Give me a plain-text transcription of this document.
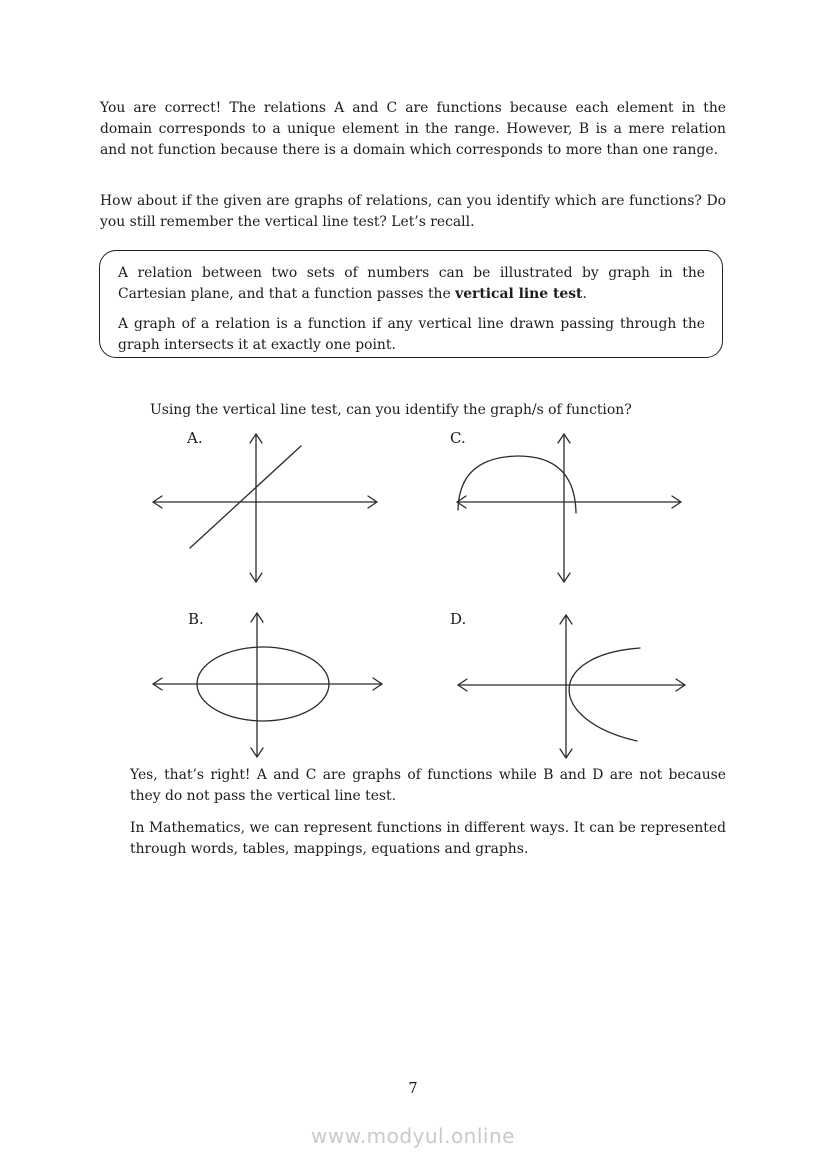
You are correct! The relations A and C are functions because each element in the domain corresponds to a unique element in the range. However, B is a mere relation and not function because there is a domain which corresponds to more than one range.
How about if the given are graphs of relations, can you identify which are functions? Do you still remember the vertical line test? Let’s recall.

A relation between two sets of numbers can be illustrated by graph in the Cartesian plane, and that a function passes the vertical line test.

A graph of a relation is a function if any vertical line drawn passing through the graph intersects it at exactly one point.

Using the vertical line test, can you identify the graph/s of function?
A.	C.
B.	D.
Yes, that’s right! A and C are graphs of functions while B and D are not because they do not pass the vertical line test.
In Mathematics, we can represent functions in different ways. It can be represented through words, tables, mappings, equations and graphs.
7
www.modyul.online
